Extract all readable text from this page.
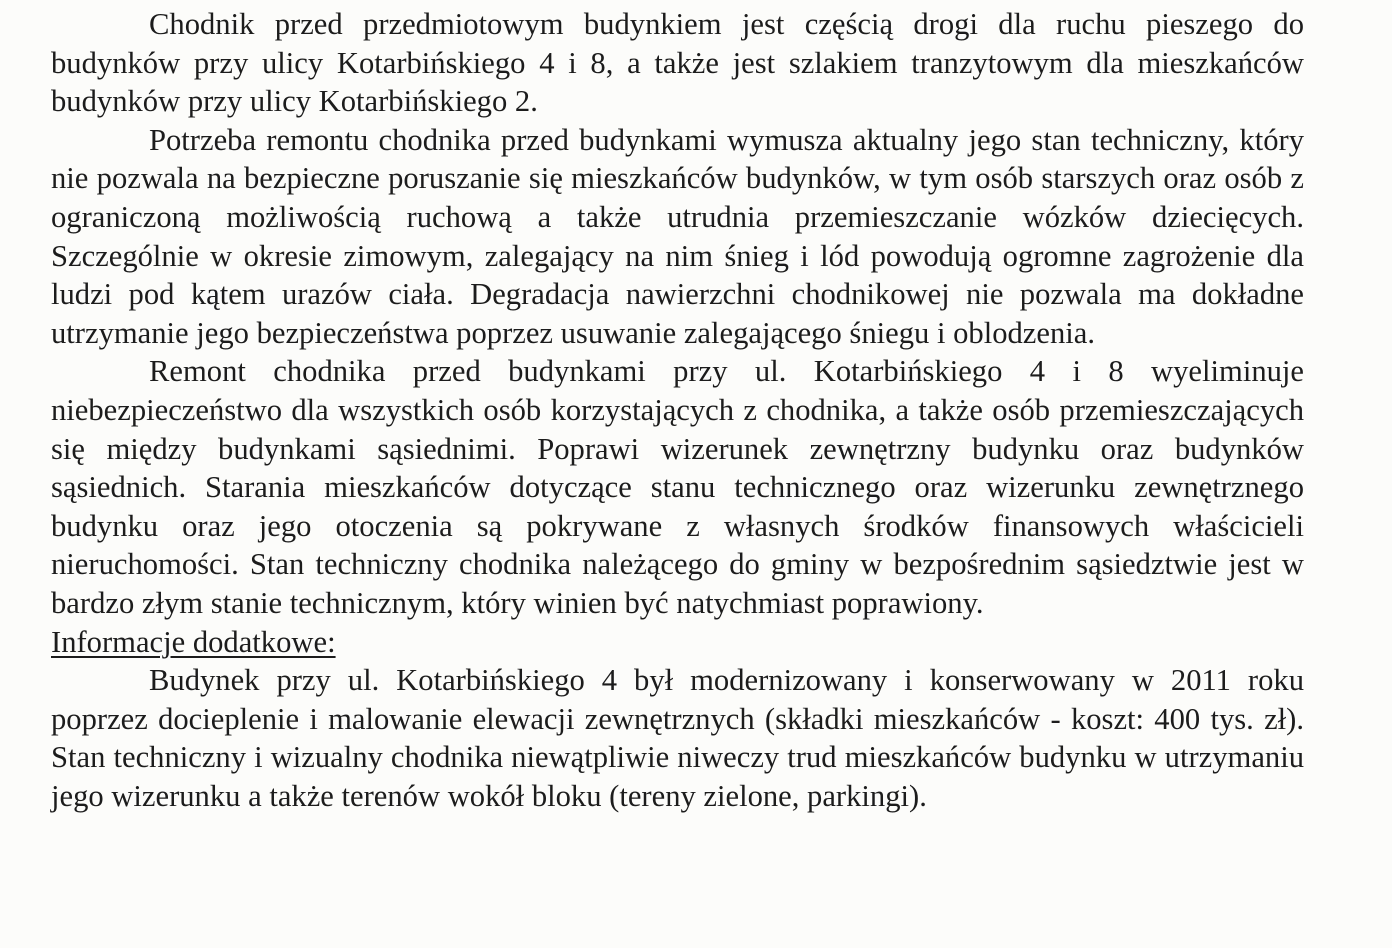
Chodnik przed przedmiotowym budynkiem jest częścią drogi dla ruchu pieszego do budynków przy ulicy Kotarbińskiego 4 i 8, a także jest szlakiem tranzytowym dla mieszkańców budynków przy ulicy Kotarbińskiego 2.

Potrzeba remontu chodnika przed budynkami wymusza aktualny jego stan techniczny, który nie pozwala na bezpieczne poruszanie się mieszkańców budynków, w tym osób starszych oraz osób z ograniczoną możliwością ruchową a także utrudnia przemieszczanie wózków dziecięcych. Szczególnie w okresie zimowym, zalegający na nim śnieg i lód powodują ogromne zagrożenie dla ludzi pod kątem urazów ciała. Degradacja nawierzchni chodnikowej nie pozwala ma dokładne utrzymanie jego bezpieczeństwa poprzez usuwanie zalegającego śniegu i oblodzenia.

Remont chodnika przed budynkami przy ul. Kotarbińskiego 4 i 8 wyeliminuje niebezpieczeństwo dla wszystkich osób korzystających z chodnika, a także osób przemieszczających się między budynkami sąsiednimi. Poprawi wizerunek zewnętrzny budynku oraz budynków sąsiednich. Starania mieszkańców dotyczące stanu technicznego oraz wizerunku zewnętrznego budynku oraz jego otoczenia są pokrywane z własnych środków finansowych właścicieli nieruchomości. Stan techniczny chodnika należącego do gminy w bezpośrednim sąsiedztwie jest w bardzo złym stanie technicznym, który winien być natychmiast poprawiony.

Informacje dodatkowe:

Budynek przy ul. Kotarbińskiego 4 był modernizowany i konserwowany w 2011 roku poprzez docieplenie i malowanie elewacji zewnętrznych (składki mieszkańców - koszt: 400 tys. zł). Stan techniczny i wizualny chodnika niewątpliwie niweczy trud mieszkańców budynku w utrzymaniu jego wizerunku a także terenów wokół bloku (tereny zielone, parkingi).
